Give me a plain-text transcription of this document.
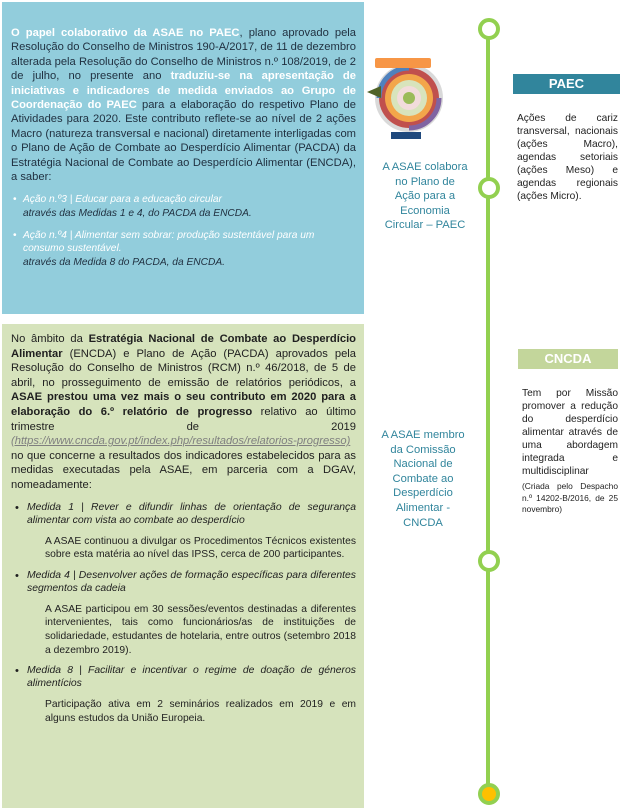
O papel colaborativo da ASAE no PAEC, plano aprovado pela Resolução do Conselho de Ministros 190-A/2017, de 11 de dezembro alterada pela Resolução do Conselho de Ministros n.º 108/2019, de 2 de julho, no presente ano traduziu-se na apresentação de iniciativas e indicadores de medida enviados ao Grupo de Coordenação do PAEC para a elaboração do respetivo Plano de Atividades para 2020. Este contributo reflete-se ao nível de 2 ações Macro (natureza transversal e nacional) diretamente interligadas com o Plano de Ação de Combate ao Desperdício Alimentar (PACDA) da Estratégia Nacional de Combate ao Desperdício Alimentar (ENCDA), a saber:

• Ação n.º3 | Educar para a educação circular
através das Medidas 1 e 4, do PACDA da ENCDA.
• Ação n.º4 | Alimentar sem sobrar: produção sustentável para um consumo sustentável.
através da Medida 8 do PACDA, da ENCDA.

No âmbito da Estratégia Nacional de Combate ao Desperdício Alimentar (ENCDA) e Plano de Ação (PACDA) aprovados pela Resolução do Conselho de Ministros (RCM) n.º 46/2018, de 5 de abril, no prosseguimento de emissão de relatórios periódicos, a ASAE prestou uma vez mais o seu contributo em 2020 para a elaboração do 6.º relatório de progresso relativo ao último trimestre de 2019 (https://www.cncda.gov.pt/index.php/resultados/relatorios-progresso) no que concerne a resultados dos indicadores estabelecidos para as medidas executadas pela ASAE, em parceria com a DGAV, nomeadamente:

• Medida 1 | Rever e difundir linhas de orientação de segurança alimentar com vista ao combate ao desperdício
A ASAE continuou a divulgar os Procedimentos Técnicos existentes sobre esta matéria ao nível das IPSS, cerca de 200 participantes.
• Medida 4 | Desenvolver ações de formação específicas para diferentes segmentos da cadeia
A ASAE participou em 30 sessões/eventos destinadas a diferentes intervenientes, tais como funcionários/as de instituições de solidariedade, estudantes de hotelaria, entre outros (setembro 2018 a dezembro 2019).
• Medida 8 | Facilitar e incentivar o regime de doação de géneros alimentícios
Participação ativa em 2 seminários realizados em 2019 e em alguns estudos da União Europeia.
A ASAE colabora no Plano de Ação para a Economia Circular – PAEC
A ASAE membro da Comissão Nacional de Combate ao Desperdício Alimentar - CNCDA
PAEC
Ações de cariz transversal, nacionais (ações Macro), agendas setoriais (ações Meso) e agendas regionais (ações Micro).
CNCDA
Tem por Missão promover a redução do desperdício alimentar através de uma abordagem integrada e multidisciplinar
(Criada pelo Despacho n.º 14202-B/2016, de 25 novembro)
